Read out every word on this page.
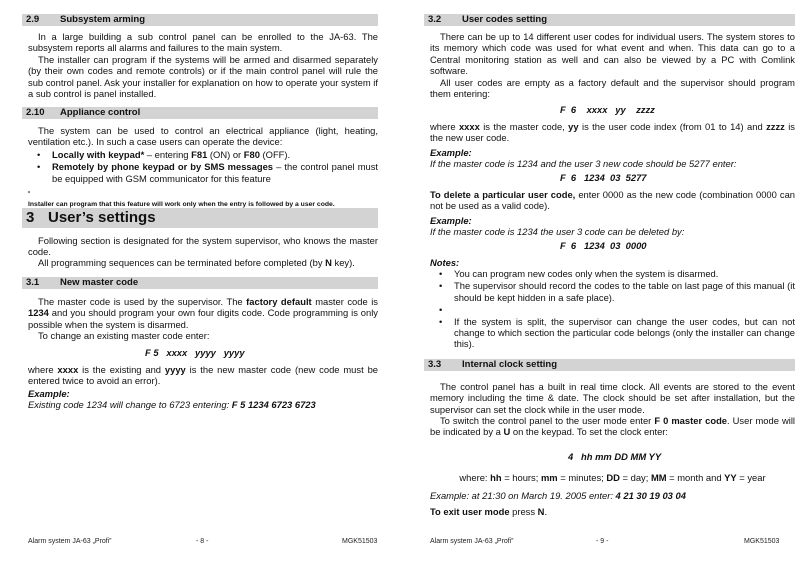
2.9 Subsystem arming

In a large building a sub control panel can be enrolled to the JA-63. The subsystem reports all alarms and failures to the main system.

The installer can program if the systems will be armed and disarmed separately (by their own codes and remote controls) or if the main control panel will rule the sub control panel. Ask your installer for explanation on how to operate your system if a sub control is panel installed.

2.10 Appliance control

The system can be used to control an electrical appliance (light, heating, ventilation etc.). In such a case users can operate the device:

• Locally with keypad* – entering F81 (ON) or F80 (OFF).
• Remotely by phone keypad or by SMS messages – the control panel must be equipped with GSM communicator for this feature
*
Installer can program that this feature will work only when the entry is followed by a user code.
3 User’s settings

Following section is designated for the system supervisor, who knows the master code.

All programming sequences can be terminated before completed (by N key).

3.1 New master code

The master code is used by the supervisor. The factory default master code is 1234 and you should program your own four digits code. Code programming is only possible when the system is disarmed.

To change an existing master code enter:

F 5   xxxx   yyyy   yyyy

where xxxx is the existing and yyyy is the new master code (new code must be entered twice to avoid an error).

Example:

Existing code 1234 will change to 6723 entering: F 5 1234 6723 6723

Alarm system JA-63 „Profi‟	- 8 -	MGK51503
3.2 User codes setting

There can be up to 14 different user codes for individual users. The system stores to its memory which code was used for what event and when. This data can go to a Central monitoring station as well and can also be viewed by a PC with Comlink software.

All user codes are empty as a factory default and the supervisor should program them entering:

F  6    xxxx   yy    zzzz

where xxxx is the master code, yy is the user code index (from 01 to 14) and zzzz is the new user code.

Example:

If the master code is 1234 and the user 3 new code should be 5277 enter:

F  6   1234  03  5277

To delete a particular user code, enter 0000 as the new code (combination 0000 can not be used as a valid code).

Example:

If the master code is 1234 the user 3 code can be deleted by:

F  6   1234  03  0000

Notes:

• You can program new codes only when the system is disarmed.
• The supervisor should record the codes to the table on last page of this manual (it should be kept hidden in a safe place).
•
• If the system is split, the supervisor can change the user codes, but can not change to which section the particular code belongs (only the installer can change this).
3.3 Internal clock setting

The control panel has a built in real time clock. All events are stored to the event memory including the time & date. The clock should be set after installation, but the supervisor can set the clock while in the user mode.

To switch the control panel to the user mode enter F 0 master code. User mode will be indicated by a U on the keypad. To set the clock enter:

4   hh mm DD MM YY

where: hh = hours; mm = minutes; DD = day; MM = month and YY = year

Example: at 21:30 on March 19. 2005 enter: 4 21 30 19 03 04

To exit user mode press N.

Alarm system JA-63 „Profi‟	- 9 -	MGK51503
